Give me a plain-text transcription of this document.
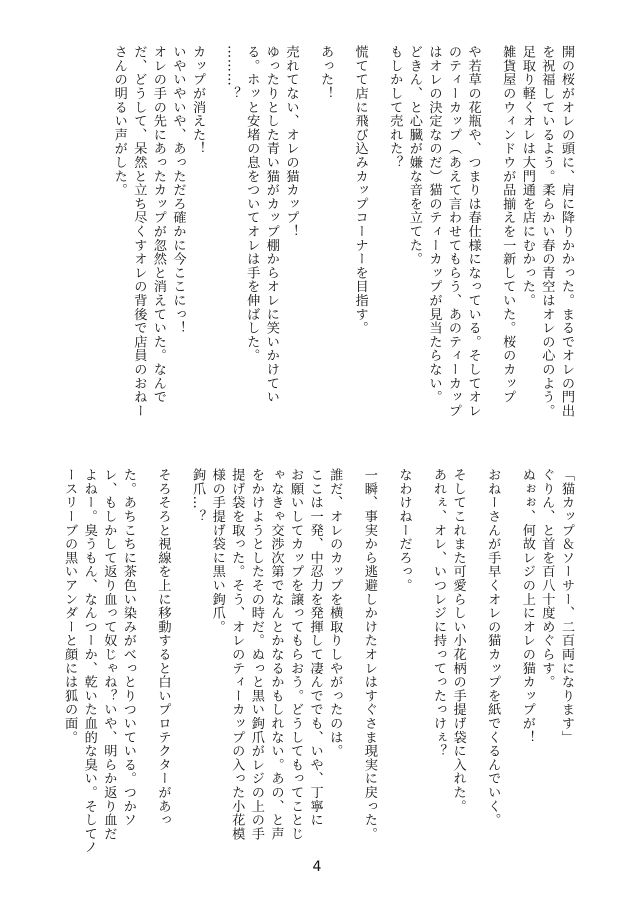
開の桜がオレの頭に、肩に降りかかった。まるでオレの門出
を祝福しているよう。柔らかい春の青空はオレの心のよう。
足取り軽くオレは大門通を店にむかった。
雑貨屋のウィンドウが品揃えを一新していた。桜のカップ
や若草の花瓶や、つまりは春仕様になっている。そしてオレ
のティーカップ（あえて言わせてもらう、あのティーカップ
はオレの決定なのだ）猫のティーカップが見当たらない。
どきん、と心臓が嫌な音を立てた。
もしかして売れた？
慌てて店に飛び込みカップコーナーを目指す。
あった！
売れてない、オレの猫カップ！
ゆったりとした青い猫がカップ棚からオレに笑いかけてい
る。ホッと安堵の息をついてオレは手を伸ばした。
………？
カップが消えた！
いやいやいや、あっただろ確かに今ここにっ！
オレの手の先にあったカップが忽然と消えていた。なんで
だ、どうして、呆然と立ち尽くすオレの背後で店員のおねー
さんの明るい声がした。
「猫カップ＆ソーサー、二百両になります」
ぐりん、と首を百八十度めぐらす。
ぬぉぉ、何故レジの上にオレの猫カップが！
おねーさんが手早くオレの猫カップを紙でくるんでいく。
そしてこれまた可愛らしい小花柄の手提げ袋に入れた。
あれぇ、オレ、いつレジに持ってったっけぇ？
なわけねーだろっ。
一瞬、事実から逃避しかけたオレはすぐさま現実に戻った。
誰だ、オレのカップを横取りしやがったのは。
ここは一発、中忍力を発揮して凄んででも、いや、丁寧に
お願いしてカップを譲ってもらおう。どうしてもってことじ
ゃなきゃ交渉次第でなんとかなるかもしれない。あの、と声
をかけようとしたその時だ。ぬっと黒い鉤爪がレジの上の手
提げ袋を取った。そう、オレのティーカップの入った小花模
様の手提げ袋に黒い鉤爪。
鉤爪…？
そろそろと視線を上に移動すると白いプロテクターがあっ
た。あちこちに茶色い染みがべっとりついている。つかソ
レ、もしかして返り血って奴じゃね？いや、明らか返り血だ
よねー。臭うもん、なんつーか、乾いた血的な臭い。そしてノ
ースリーブの黒いアンダーと顔には狐の面。
4
